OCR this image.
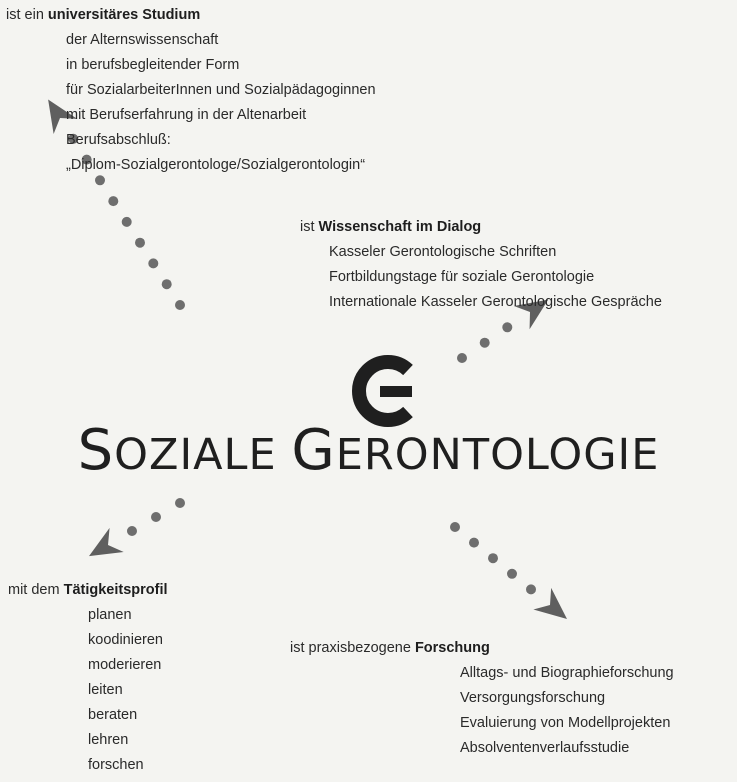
ist ein universitäres Studium
der Alternswissenschaft
in berufsbegleitender Form
für SozialarbeiterInnen und Sozialpädagoginnen
mit Berufserfahrung in der Altenarbeit
Berufsabschluß:
„Diplom-Sozialgerontologe/Sozialgerontologin“
ist Wissenschaft im Dialog
Kasseler Gerontologische Schriften
Fortbildungstage für soziale Gerontologie
Internationale Kasseler Gerontologische Gespräche
SOZIALE GERONTOLOGIE
mit dem Tätigkeitsprofil
planen
koodinieren
moderieren
leiten
beraten
lehren
forschen
ist praxisbezogene Forschung
Alltags- und Biographieforschung
Versorgungsforschung
Evaluierung von Modellprojekten
Absolventenverlaufsstudie
